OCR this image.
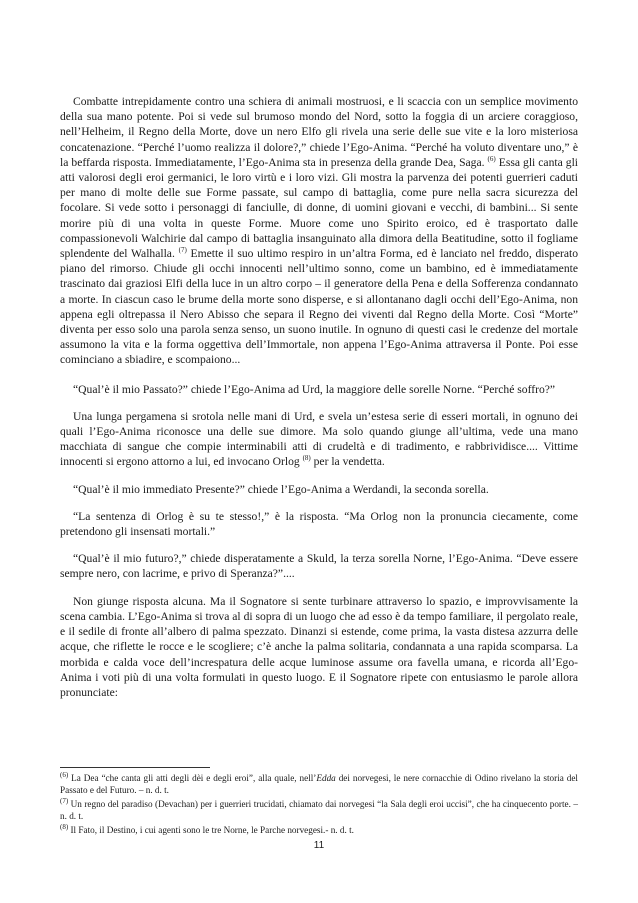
Combatte intrepidamente contro una schiera di animali mostruosi, e li scaccia con un semplice movimento della sua mano potente. Poi si vede sul brumoso mondo del Nord, sotto la foggia di un arciere coraggioso, nell’Helheim, il Regno della Morte, dove un nero Elfo gli rivela una serie delle sue vite e la loro misteriosa concatenazione. “Perché l’uomo realizza il dolore?,” chiede l’Ego-Anima. “Perché ha voluto diventare uno,” è la beffarda risposta. Immediatamente, l’Ego-Anima sta in presenza della grande Dea, Saga. $^{(6)}$ Essa gli canta gli atti valorosi degli eroi germanici, le loro virtù e i loro vizi. Gli mostra la parvenza dei potenti guerrieri caduti per mano di molte delle sue Forme passate, sul campo di battaglia, come pure nella sacra sicurezza del focolare. Si vede sotto i personaggi di fanciulle, di donne, di uomini giovani e vecchi, di bambini... Si sente morire più di una volta in queste Forme. Muore come uno Spirito eroico, ed è trasportato dalle compassionevoli Walchirie dal campo di battaglia insanguinato alla dimora della Beatitudine, sotto il fogliame splendente del Walhalla. $^{(7)}$ Emette il suo ultimo respiro in un’altra Forma, ed è lanciato nel freddo, disperato piano del rimorso. Chiude gli occhi innocenti nell’ultimo sonno, come un bambino, ed è immediatamente trascinato dai graziosi Elfi della luce in un altro corpo – il generatore della Pena e della Sofferenza condannato a morte. In ciascun caso le brume della morte sono disperse, e si allontanano dagli occhi dell’Ego-Anima, non appena egli oltrepassa il Nero Abisso che separa il Regno dei viventi dal Regno della Morte. Così “Morte” diventa per esso solo una parola senza senso, un suono inutile. In ognuno di questi casi le credenze del mortale assumono la vita e la forma oggettiva dell’Immortale, non appena l’Ego-Anima attraversa il Ponte. Poi esse cominciano a sbiadire, e scompaiono...

“Qual’è il mio Passato?” chiede l’Ego-Anima ad Urd, la maggiore delle sorelle Norne. “Perché soffro?”

Una lunga pergamena si srotola nelle mani di Urd, e svela un’estesa serie di esseri mortali, in ognuno dei quali l’Ego-Anima riconosce una delle sue dimore. Ma solo quando giunge all’ultima, vede una mano macchiata di sangue che compie interminabili atti di crudeltà e di tradimento, e rabbrividisce.... Vittime innocenti si ergono attorno a lui, ed invocano Orlog $^{(8)}$ per la vendetta.

“Qual’è il mio immediato Presente?” chiede l’Ego-Anima a Werdandi, la seconda sorella.

“La sentenza di Orlog è su te stesso!,” è la risposta. “Ma Orlog non la pronuncia ciecamente, come pretendono gli insensati mortali.”

“Qual’è il mio futuro?,” chiede disperatamente a Skuld, la terza sorella Norne, l’Ego-Anima. “Deve essere sempre nero, con lacrime, e privo di Speranza?”....

Non giunge risposta alcuna. Ma il Sognatore si sente turbinare attraverso lo spazio, e improvvisamente la scena cambia. L’Ego-Anima si trova al di sopra di un luogo che ad esso è da tempo familiare, il pergolato reale, e il sedile di fronte all’albero di palma spezzato. Dinanzi si estende, come prima, la vasta distesa azzurra delle acque, che riflette le rocce e le scogliere; c’è anche la palma solitaria, condannata a una rapida scomparsa. La morbida e calda voce dell’increspatura delle acque luminose assume ora favella umana, e ricorda all’Ego-Anima i voti più di una volta formulati in questo luogo. E il Sognatore ripete con entusiasmo le parole allora pronunciate:

$^{(6)}$ La Dea “che canta gli atti degli dèi e degli eroi”, alla quale, nell’Edda dei norvegesi, le nere cornacchie di Odino rivelano la storia del Passato e del Futuro. – n. d. t.

$^{(7)}$ Un regno del paradiso (Devachan) per i guerrieri trucidati, chiamato dai norvegesi “la Sala degli eroi uccisi”, che ha cinquecento porte. – n. d. t.

$^{(8)}$ Il Fato, il Destino, i cui agenti sono le tre Norne, le Parche norvegesi.- n. d. t.

11
